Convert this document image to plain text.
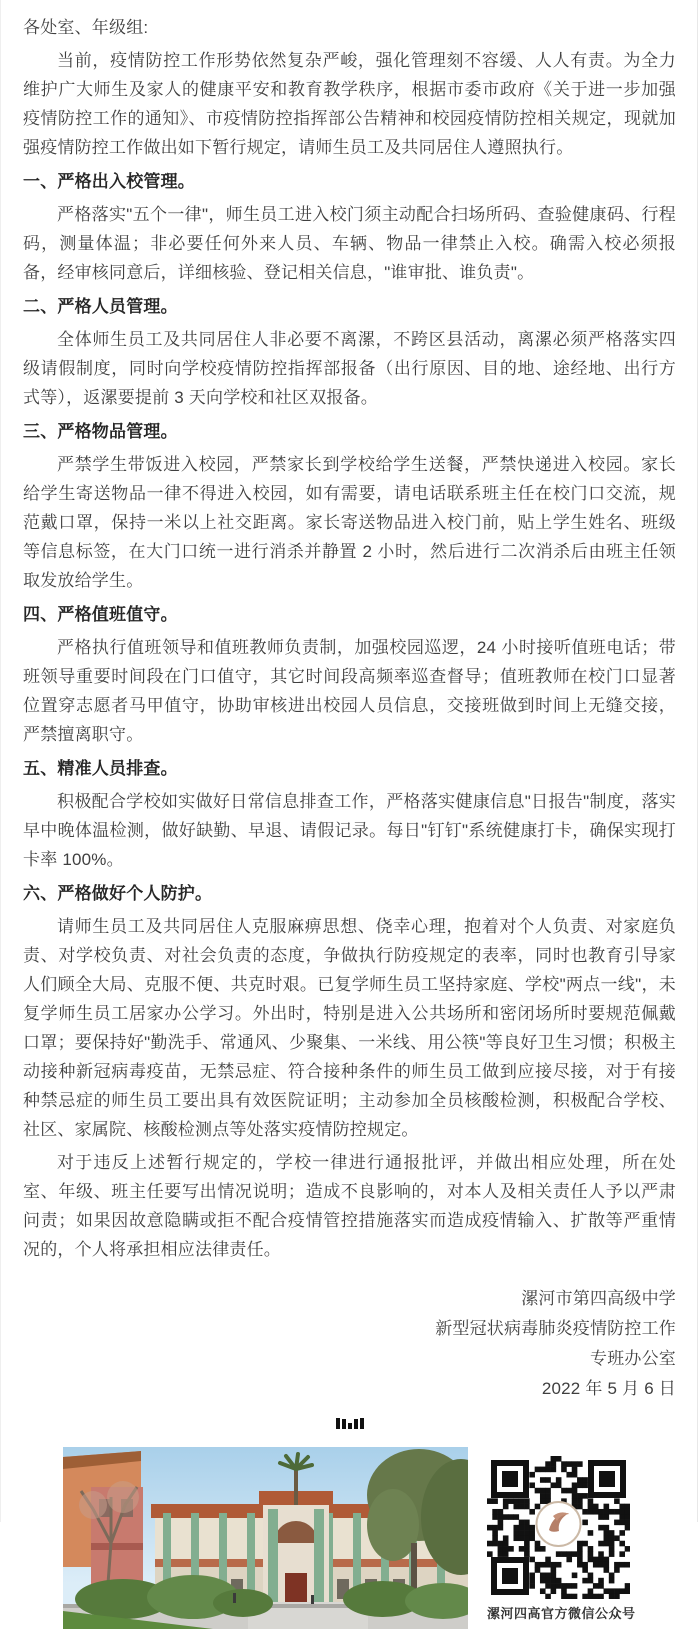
各处室、年级组:

当前，疫情防控工作形势依然复杂严峻，强化管理刻不容缓、人人有责。为全力维护广大师生及家人的健康平安和教育教学秩序，根据市委市政府《关于进一步加强疫情防控工作的通知》、市疫情防控指挥部公告精神和校园疫情防控相关规定，现就加强疫情防控工作做出如下暂行规定，请师生员工及共同居住人遵照执行。

一、严格出入校管理。

严格落实"五个一律"，师生员工进入校门须主动配合扫场所码、查验健康码、行程码，测量体温；非必要任何外来人员、车辆、物品一律禁止入校。确需入校必须报备，经审核同意后，详细核验、登记相关信息，"谁审批、谁负责"。

二、严格人员管理。

全体师生员工及共同居住人非必要不离漯，不跨区县活动，离漯必须严格落实四级请假制度，同时向学校疫情防控指挥部报备（出行原因、目的地、途经地、出行方式等），返漯要提前 3 天向学校和社区双报备。

三、严格物品管理。

严禁学生带饭进入校园，严禁家长到学校给学生送餐，严禁快递进入校园。家长给学生寄送物品一律不得进入校园，如有需要，请电话联系班主任在校门口交流，规范戴口罩，保持一米以上社交距离。家长寄送物品进入校门前，贴上学生姓名、班级等信息标签，在大门口统一进行消杀并静置 2 小时，然后进行二次消杀后由班主任领取发放给学生。

四、严格值班值守。

严格执行值班领导和值班教师负责制，加强校园巡逻，24 小时接听值班电话；带班领导重要时间段在门口值守，其它时间段高频率巡查督导；值班教师在校门口显著位置穿志愿者马甲值守，协助审核进出校园人员信息，交接班做到时间上无缝交接，严禁擅离职守。

五、精准人员排查。

积极配合学校如实做好日常信息排查工作，严格落实健康信息"日报告"制度，落实早中晚体温检测，做好缺勤、早退、请假记录。每日"钉钉"系统健康打卡，确保实现打卡率 100%。

六、严格做好个人防护。

请师生员工及共同居住人克服麻痹思想、侥幸心理，抱着对个人负责、对家庭负责、对学校负责、对社会负责的态度，争做执行防疫规定的表率，同时也教育引导家人们顾全大局、克服不便、共克时艰。已复学师生员工坚持家庭、学校"两点一线"，未复学师生员工居家办公学习。外出时，特别是进入公共场所和密闭场所时要规范佩戴口罩；要保持好"勤洗手、常通风、少聚集、一米线、用公筷"等良好卫生习惯；积极主动接种新冠病毒疫苗，无禁忌症、符合接种条件的师生员工做到应接尽接，对于有接种禁忌症的师生员工要出具有效医院证明；主动参加全员核酸检测，积极配合学校、社区、家属院、核酸检测点等处落实疫情防控规定。

对于违反上述暂行规定的，学校一律进行通报批评，并做出相应处理，所在处室、年级、班主任要写出情况说明；造成不良影响的，对本人及相关责任人予以严肃问责；如果因故意隐瞒或拒不配合疫情管控措施落实而造成疫情输入、扩散等严重情况的，个人将承担相应法律责任。

漯河市第四高级中学
新型冠状病毒肺炎疫情防控工作
专班办公室
2022 年 5 月 6 日
漯河四高官方微信公众号
